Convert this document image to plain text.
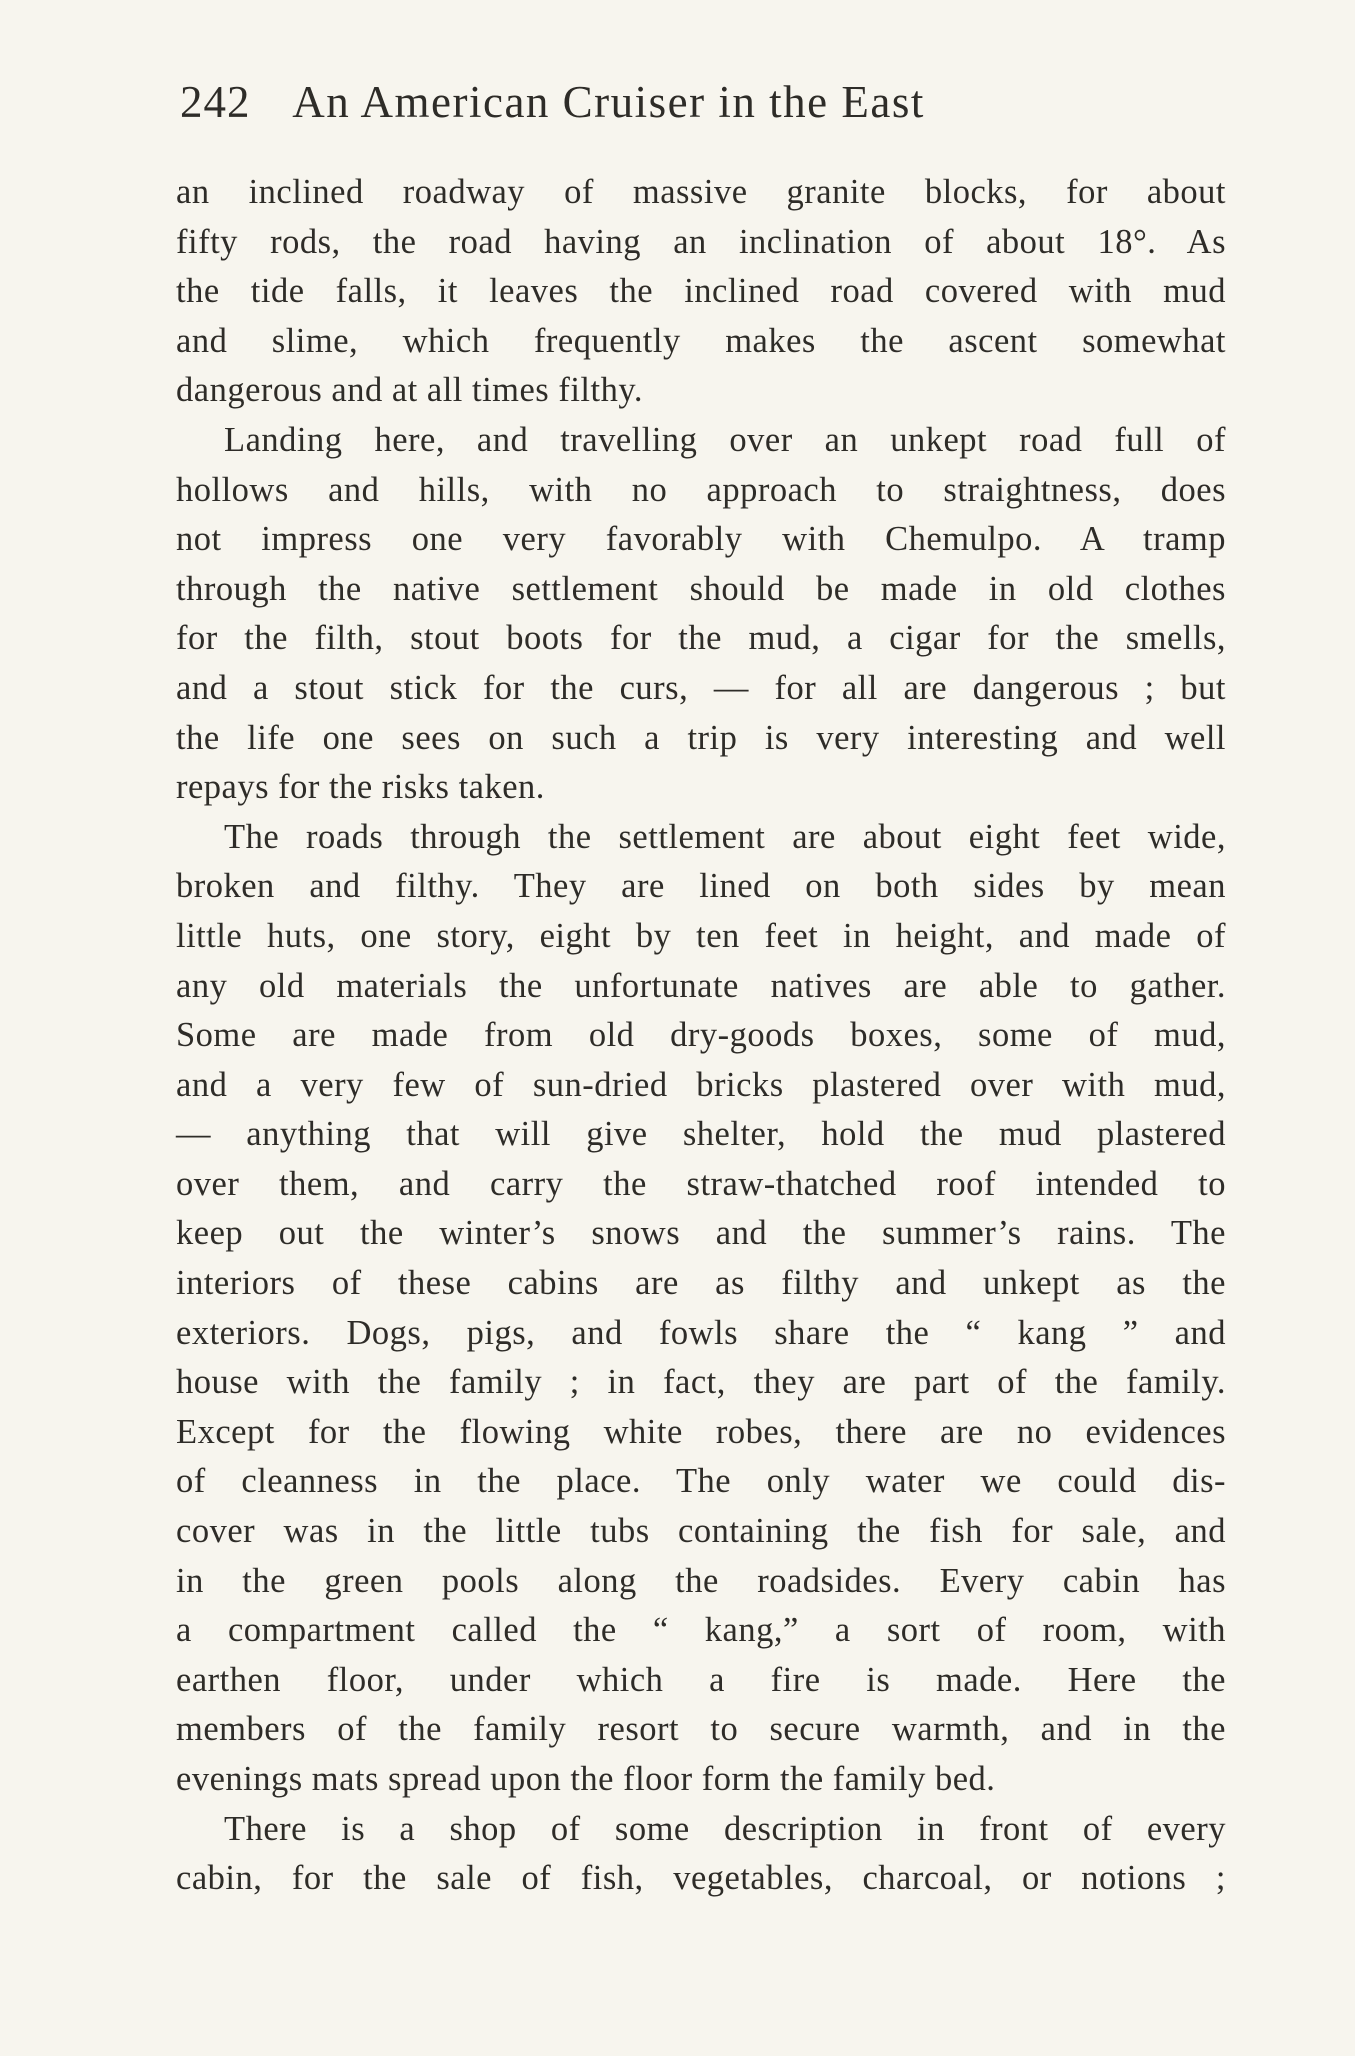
242 An American Cruiser in the East
an inclined roadway of massive granite blocks, for about
fifty rods, the road having an inclination of about 18°. As
the tide falls, it leaves the inclined road covered with mud
and slime, which frequently makes the ascent somewhat
dangerous and at all times filthy.
Landing here, and travelling over an unkept road full of
hollows and hills, with no approach to straightness, does
not impress one very favorably with Chemulpo. A tramp
through the native settlement should be made in old clothes
for the filth, stout boots for the mud, a cigar for the smells,
and a stout stick for the curs, — for all are dangerous ; but
the life one sees on such a trip is very interesting and well
repays for the risks taken.
The roads through the settlement are about eight feet wide,
broken and filthy. They are lined on both sides by mean
little huts, one story, eight by ten feet in height, and made of
any old materials the unfortunate natives are able to gather.
Some are made from old dry-goods boxes, some of mud,
and a very few of sun-dried bricks plastered over with mud,
— anything that will give shelter, hold the mud plastered
over them, and carry the straw-thatched roof intended to
keep out the winter’s snows and the summer’s rains. The
interiors of these cabins are as filthy and unkept as the
exteriors. Dogs, pigs, and fowls share the “ kang ” and
house with the family ; in fact, they are part of the family.
Except for the flowing white robes, there are no evidences
of cleanness in the place. The only water we could dis-
cover was in the little tubs containing the fish for sale, and
in the green pools along the roadsides. Every cabin has
a compartment called the “ kang,” a sort of room, with
earthen floor, under which a fire is made. Here the
members of the family resort to secure warmth, and in the
evenings mats spread upon the floor form the family bed.
There is a shop of some description in front of every
cabin, for the sale of fish, vegetables, charcoal, or notions ;
